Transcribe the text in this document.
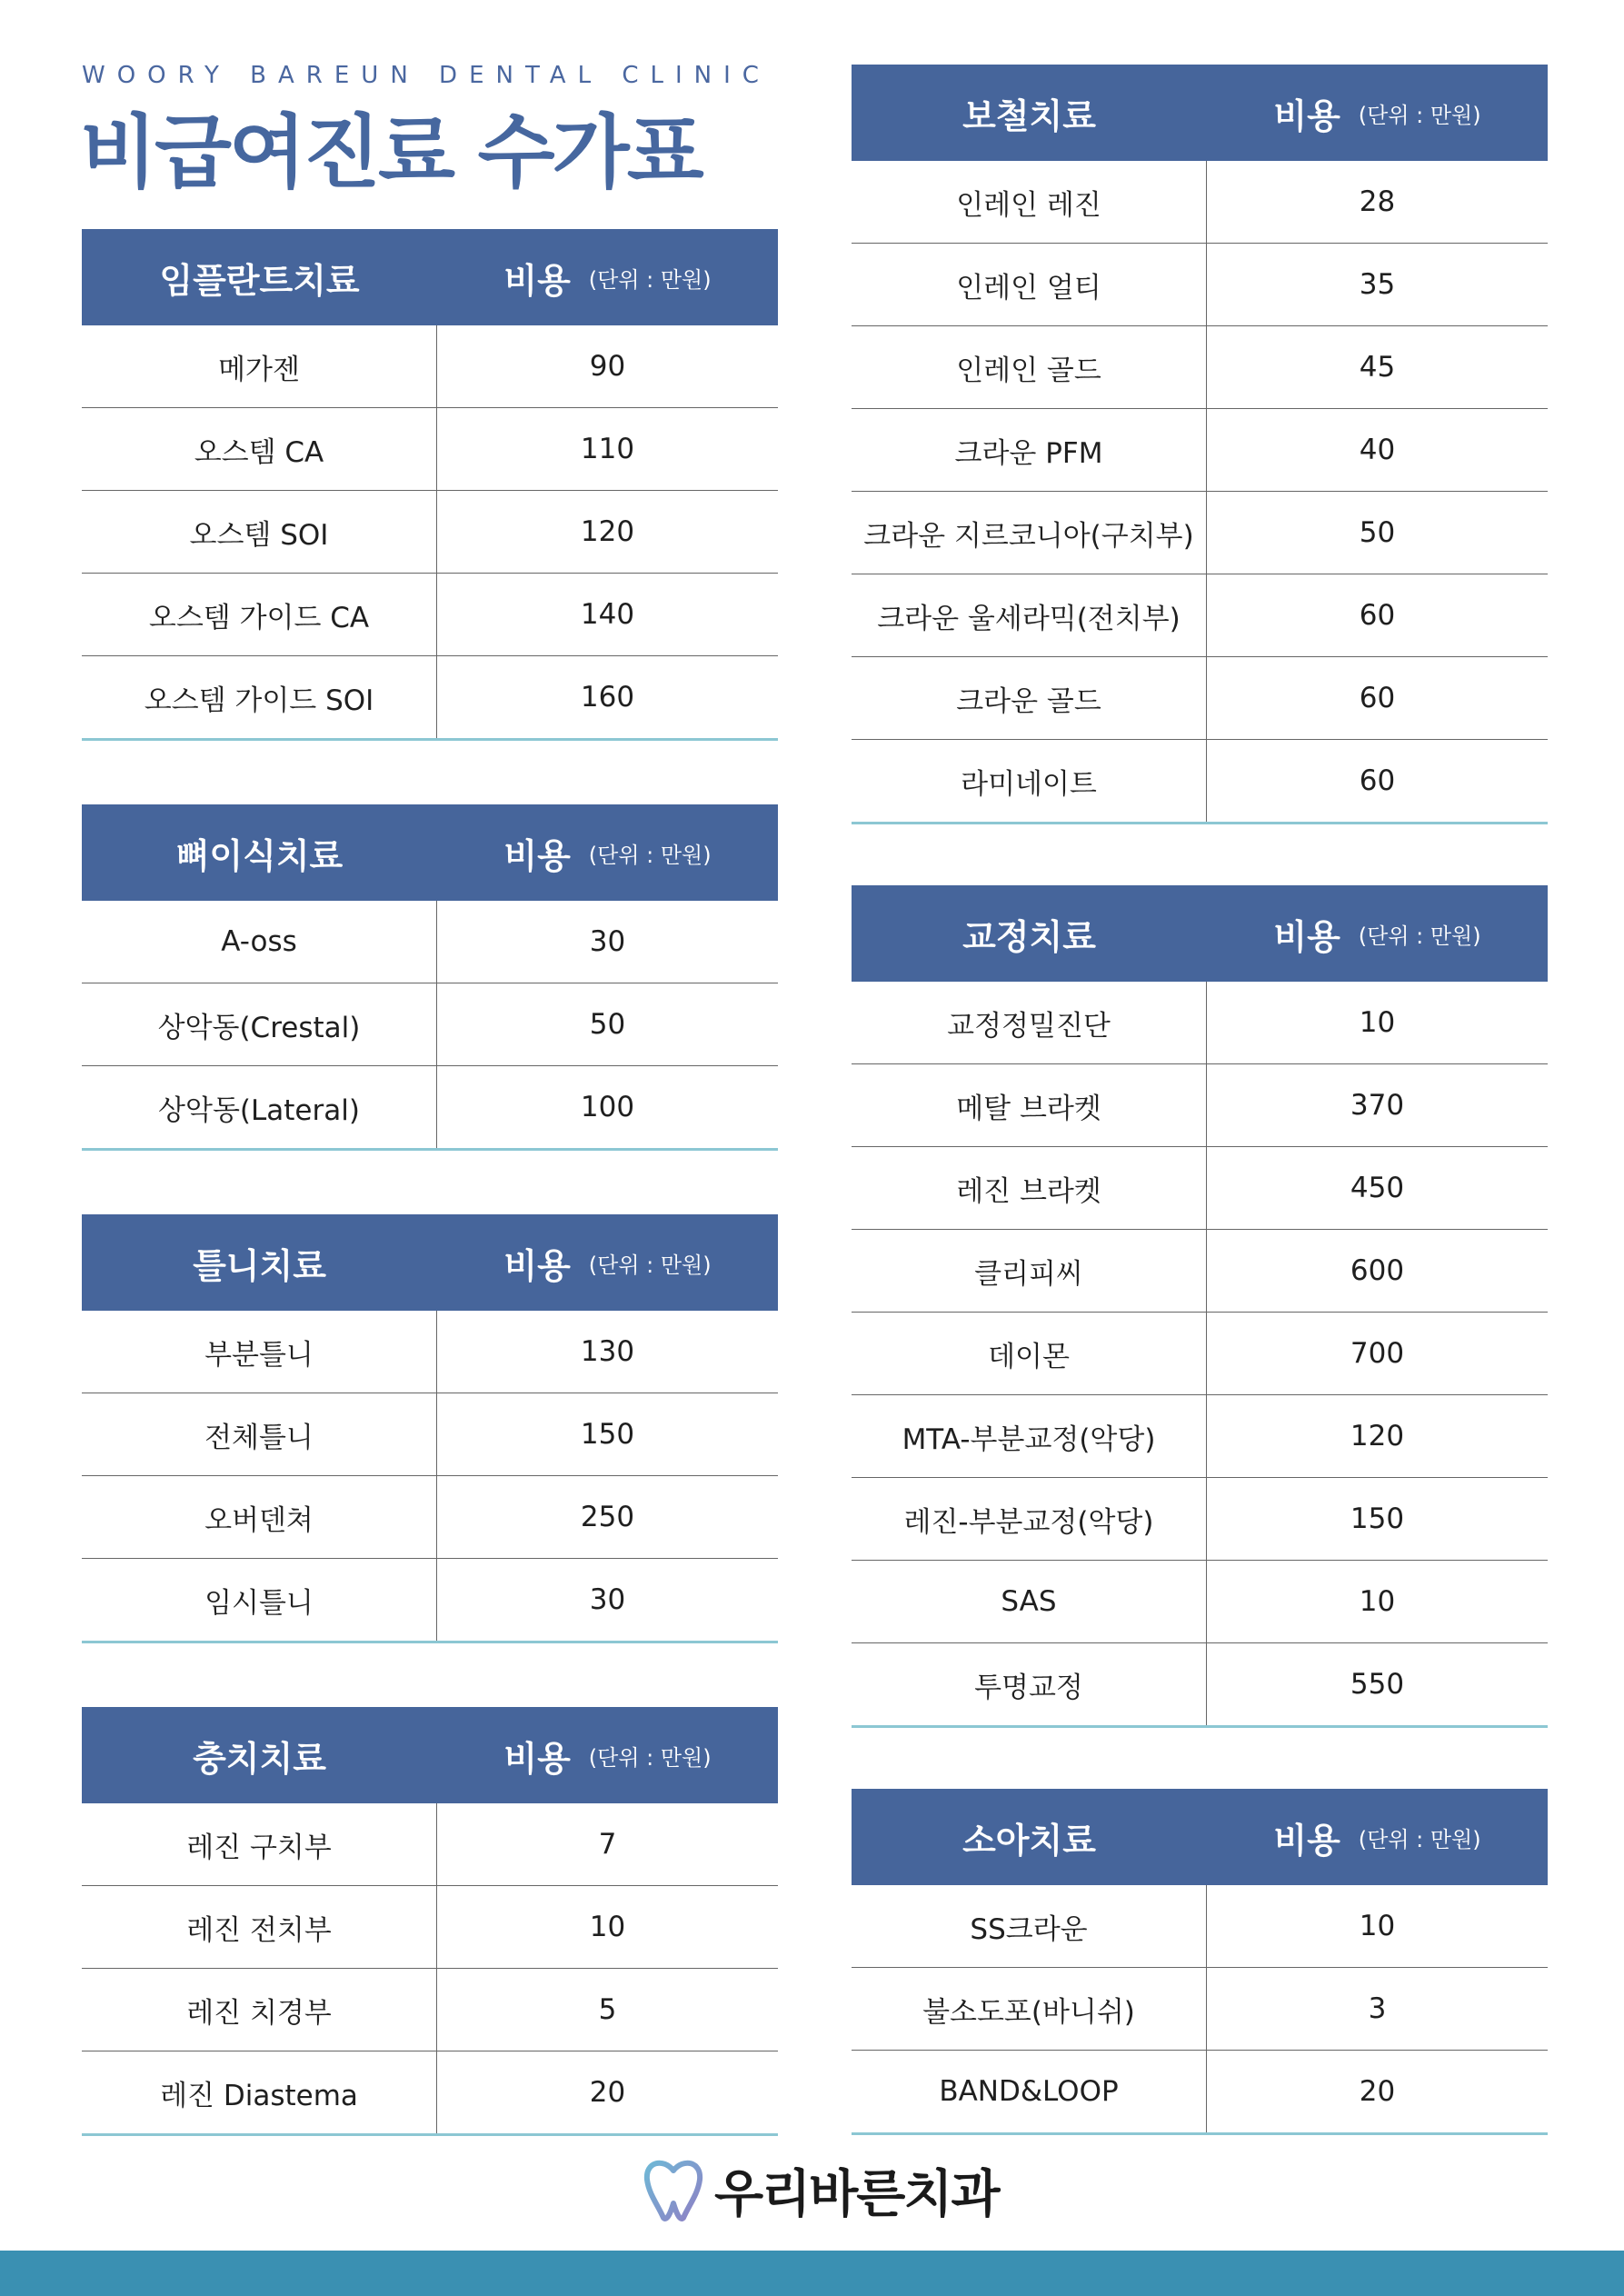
WOORY BAREUN DENTAL CLINIC
비급여진료 수가표
임플란트치료	비용 (단위 : 만원)
메가젠	90
오스템 CA	110
오스템 SOI	120
오스템 가이드 CA	140
오스템 가이드 SOI	160
뼈이식치료	비용 (단위 : 만원)
A-oss	30
상악동(Crestal)	50
상악동(Lateral)	100
틀니치료	비용 (단위 : 만원)
부분틀니	130
전체틀니	150
오버덴쳐	250
임시틀니	30
충치치료	비용 (단위 : 만원)
레진 구치부	7
레진 전치부	10
레진 치경부	5
레진 Diastema	20
보철치료	비용 (단위 : 만원)
인레인 레진	28
인레인 얼티	35
인레인 골드	45
크라운 PFM	40
크라운 지르코니아(구치부)	50
크라운 울세라믹(전치부)	60
크라운 골드	60
라미네이트	60
교정치료	비용 (단위 : 만원)
교정정밀진단	10
메탈 브라켓	370
레진 브라켓	450
클리피씨	600
데이몬	700
MTA-부분교정(악당)	120
레진-부분교정(악당)	150
SAS	10
투명교정	550
소아치료	비용 (단위 : 만원)
SS크라운	10
불소도포(바니쉬)	3
BAND&LOOP	20
우리바른치과
